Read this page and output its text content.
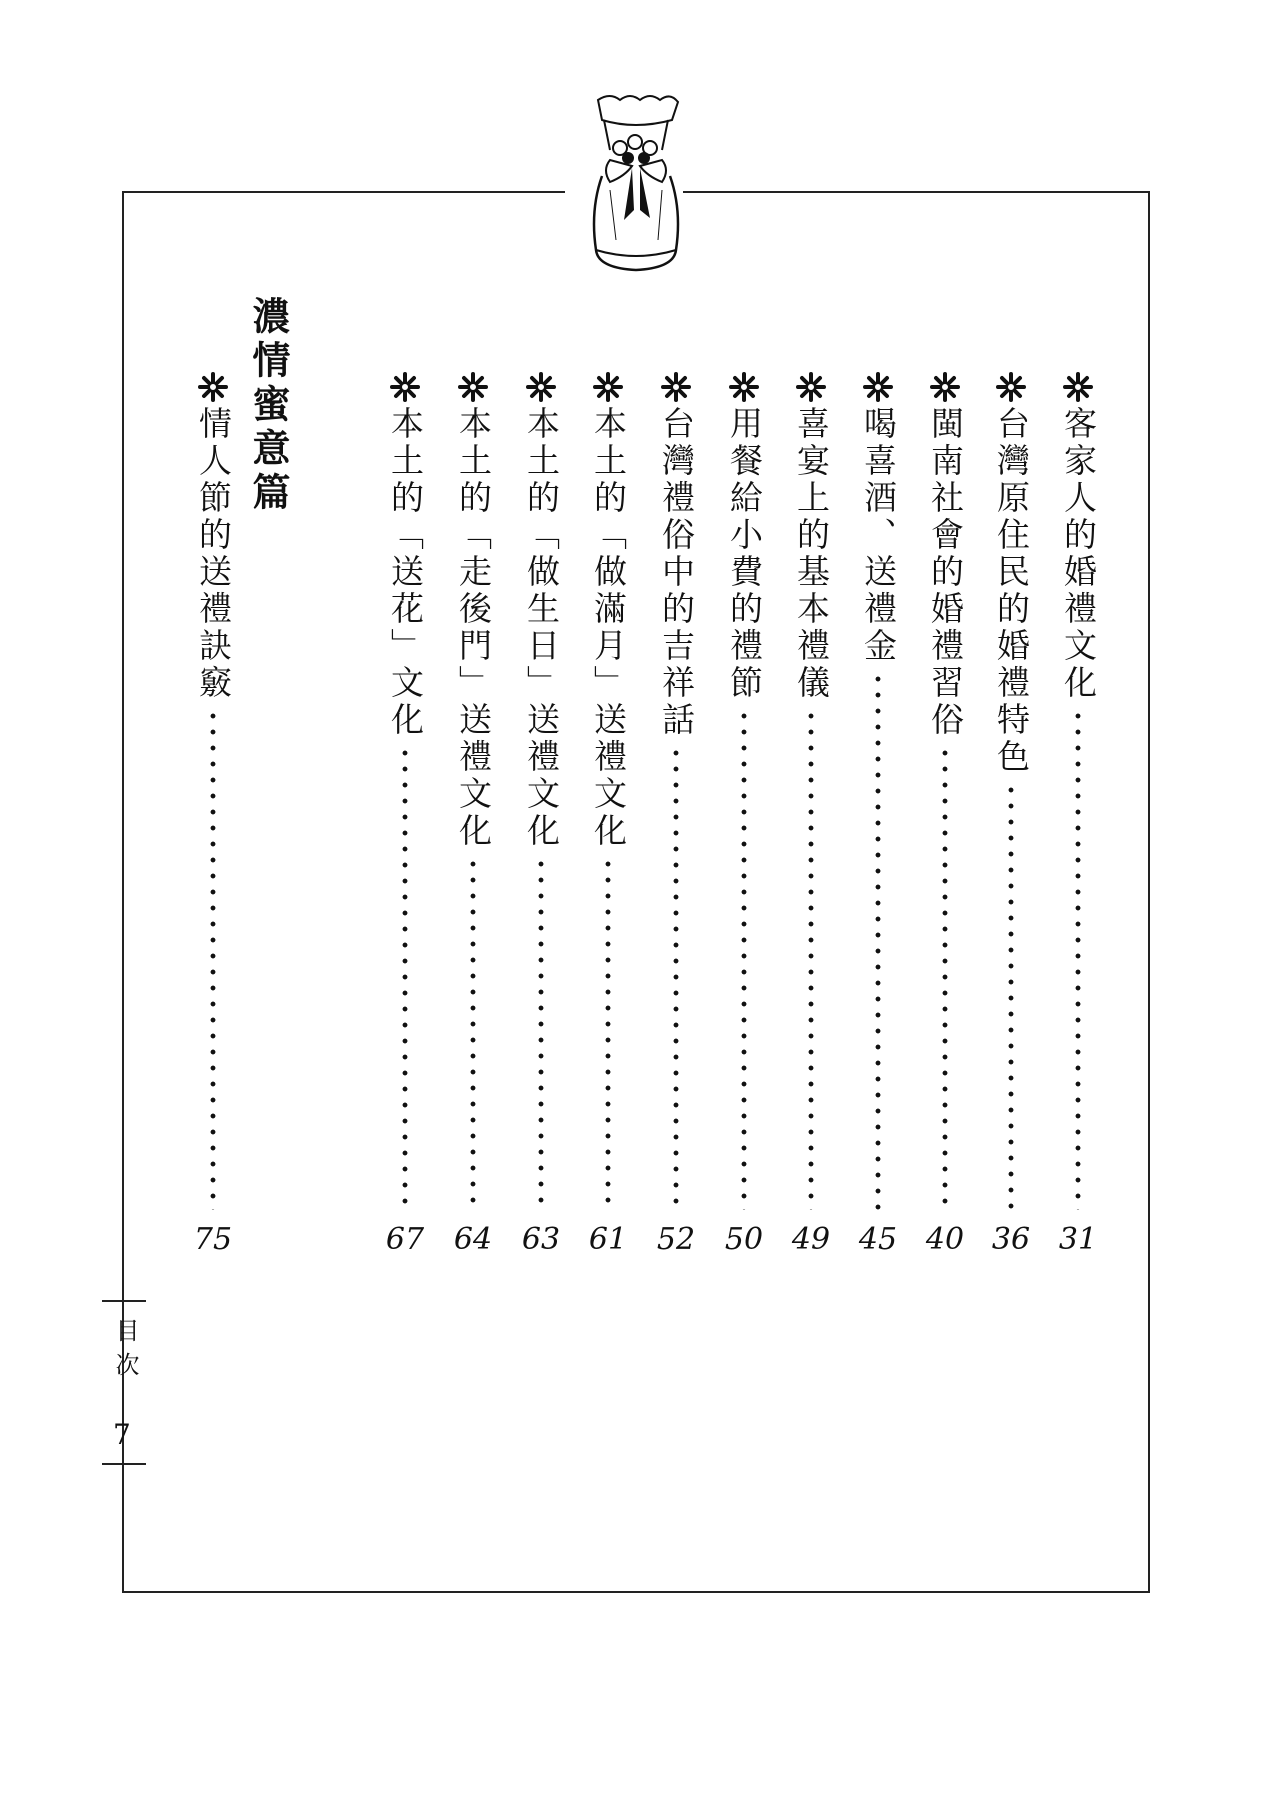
客家人的婚禮文化
31
台灣原住民的婚禮特色
36
閩南社會的婚禮習俗
40
喝喜酒、送禮金
45
喜宴上的基本禮儀
49
用餐給小費的禮節
50
台灣禮俗中的吉祥話
52
本土的「做滿月」送禮文化
61
本土的「做生日」送禮文化
63
本土的「走後門」送禮文化
64
本土的「送花」文化
67
情人節的送禮訣竅
75
濃情蜜意篇
目次
7
